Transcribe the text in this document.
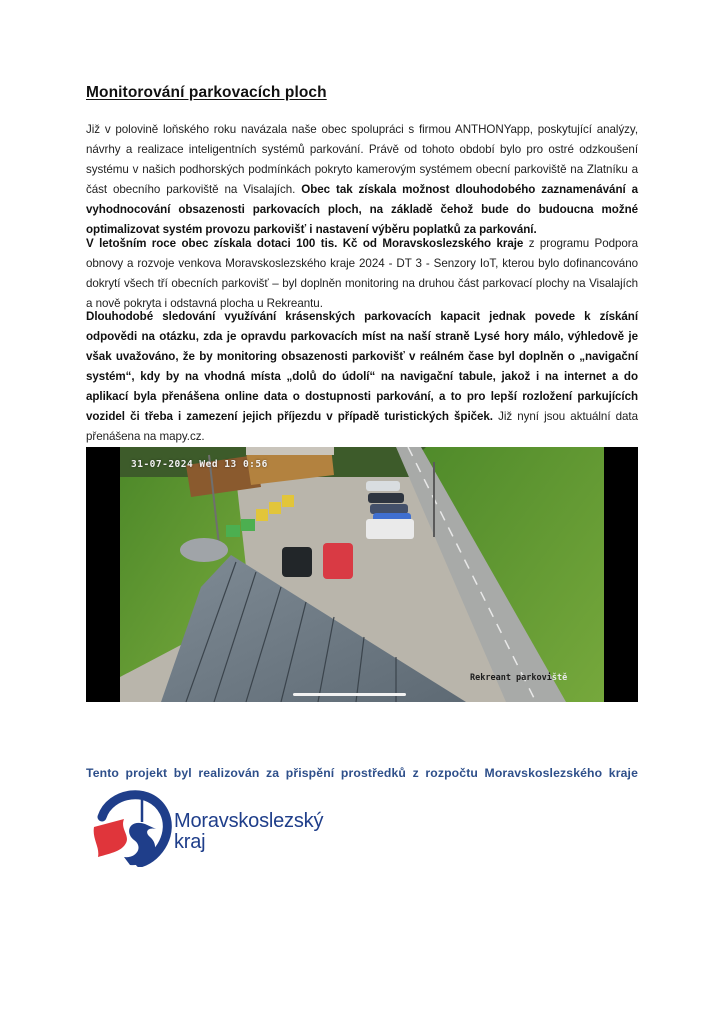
Monitorování parkovacích ploch

Již v polovině loňského roku navázala naše obec spolupráci s firmou ANTHONYapp, poskytující analýzy, návrhy a realizace inteligentních systémů parkování. Právě od tohoto období bylo pro ostré odzkoušení systému v našich podhorských podmínkách pokryto kamerovým systémem obecní parkoviště na Zlatníku a část obecního parkoviště na Visalajích. Obec tak získala možnost dlouhodobého zaznamenávání a vyhodnocování obsazenosti parkovacích ploch, na základě čehož bude do budoucna možné optimalizovat systém provozu parkovišť i nastavení výběru poplatků za parkování.

V letošním roce obec získala dotaci 100 tis. Kč od Moravskoslezského kraje z programu Podpora obnovy a rozvoje venkova Moravskoslezského kraje 2024 - DT 3 - Senzory IoT, kterou bylo dofinancováno dokrytí všech tří obecních parkovišť – byl doplněn monitoring na druhou část parkovací plochy na Visalajích a nově pokryta i odstavná plocha u Rekreantu.

Dlouhodobé sledování využívání krásenských parkovacích kapacit jednak povede k získání odpovědi na otázku, zda je opravdu parkovacích míst na naší straně Lysé hory málo, výhledově je však uvažováno, že by monitoring obsazenosti parkovišť v reálném čase byl doplněn o „navigační systém“, kdy by na vhodná místa „dolů do údolí“ na navigační tabule, jakož i na internet a do aplikací byla přenášena online data o dostupnosti parkování, a to pro lepší rozložení parkujících vozidel či třeba i zamezení jejich příjezdu v případě turistických špiček. Již nyní jsou aktuální data přenášena na mapy.cz.

31-07-2024 Wed 13 0:56
Rekreant parkoviště
Tento projekt byl realizován za přispění prostředků z rozpočtu Moravskoslezského kraje
Moravskoslezský
kraj
